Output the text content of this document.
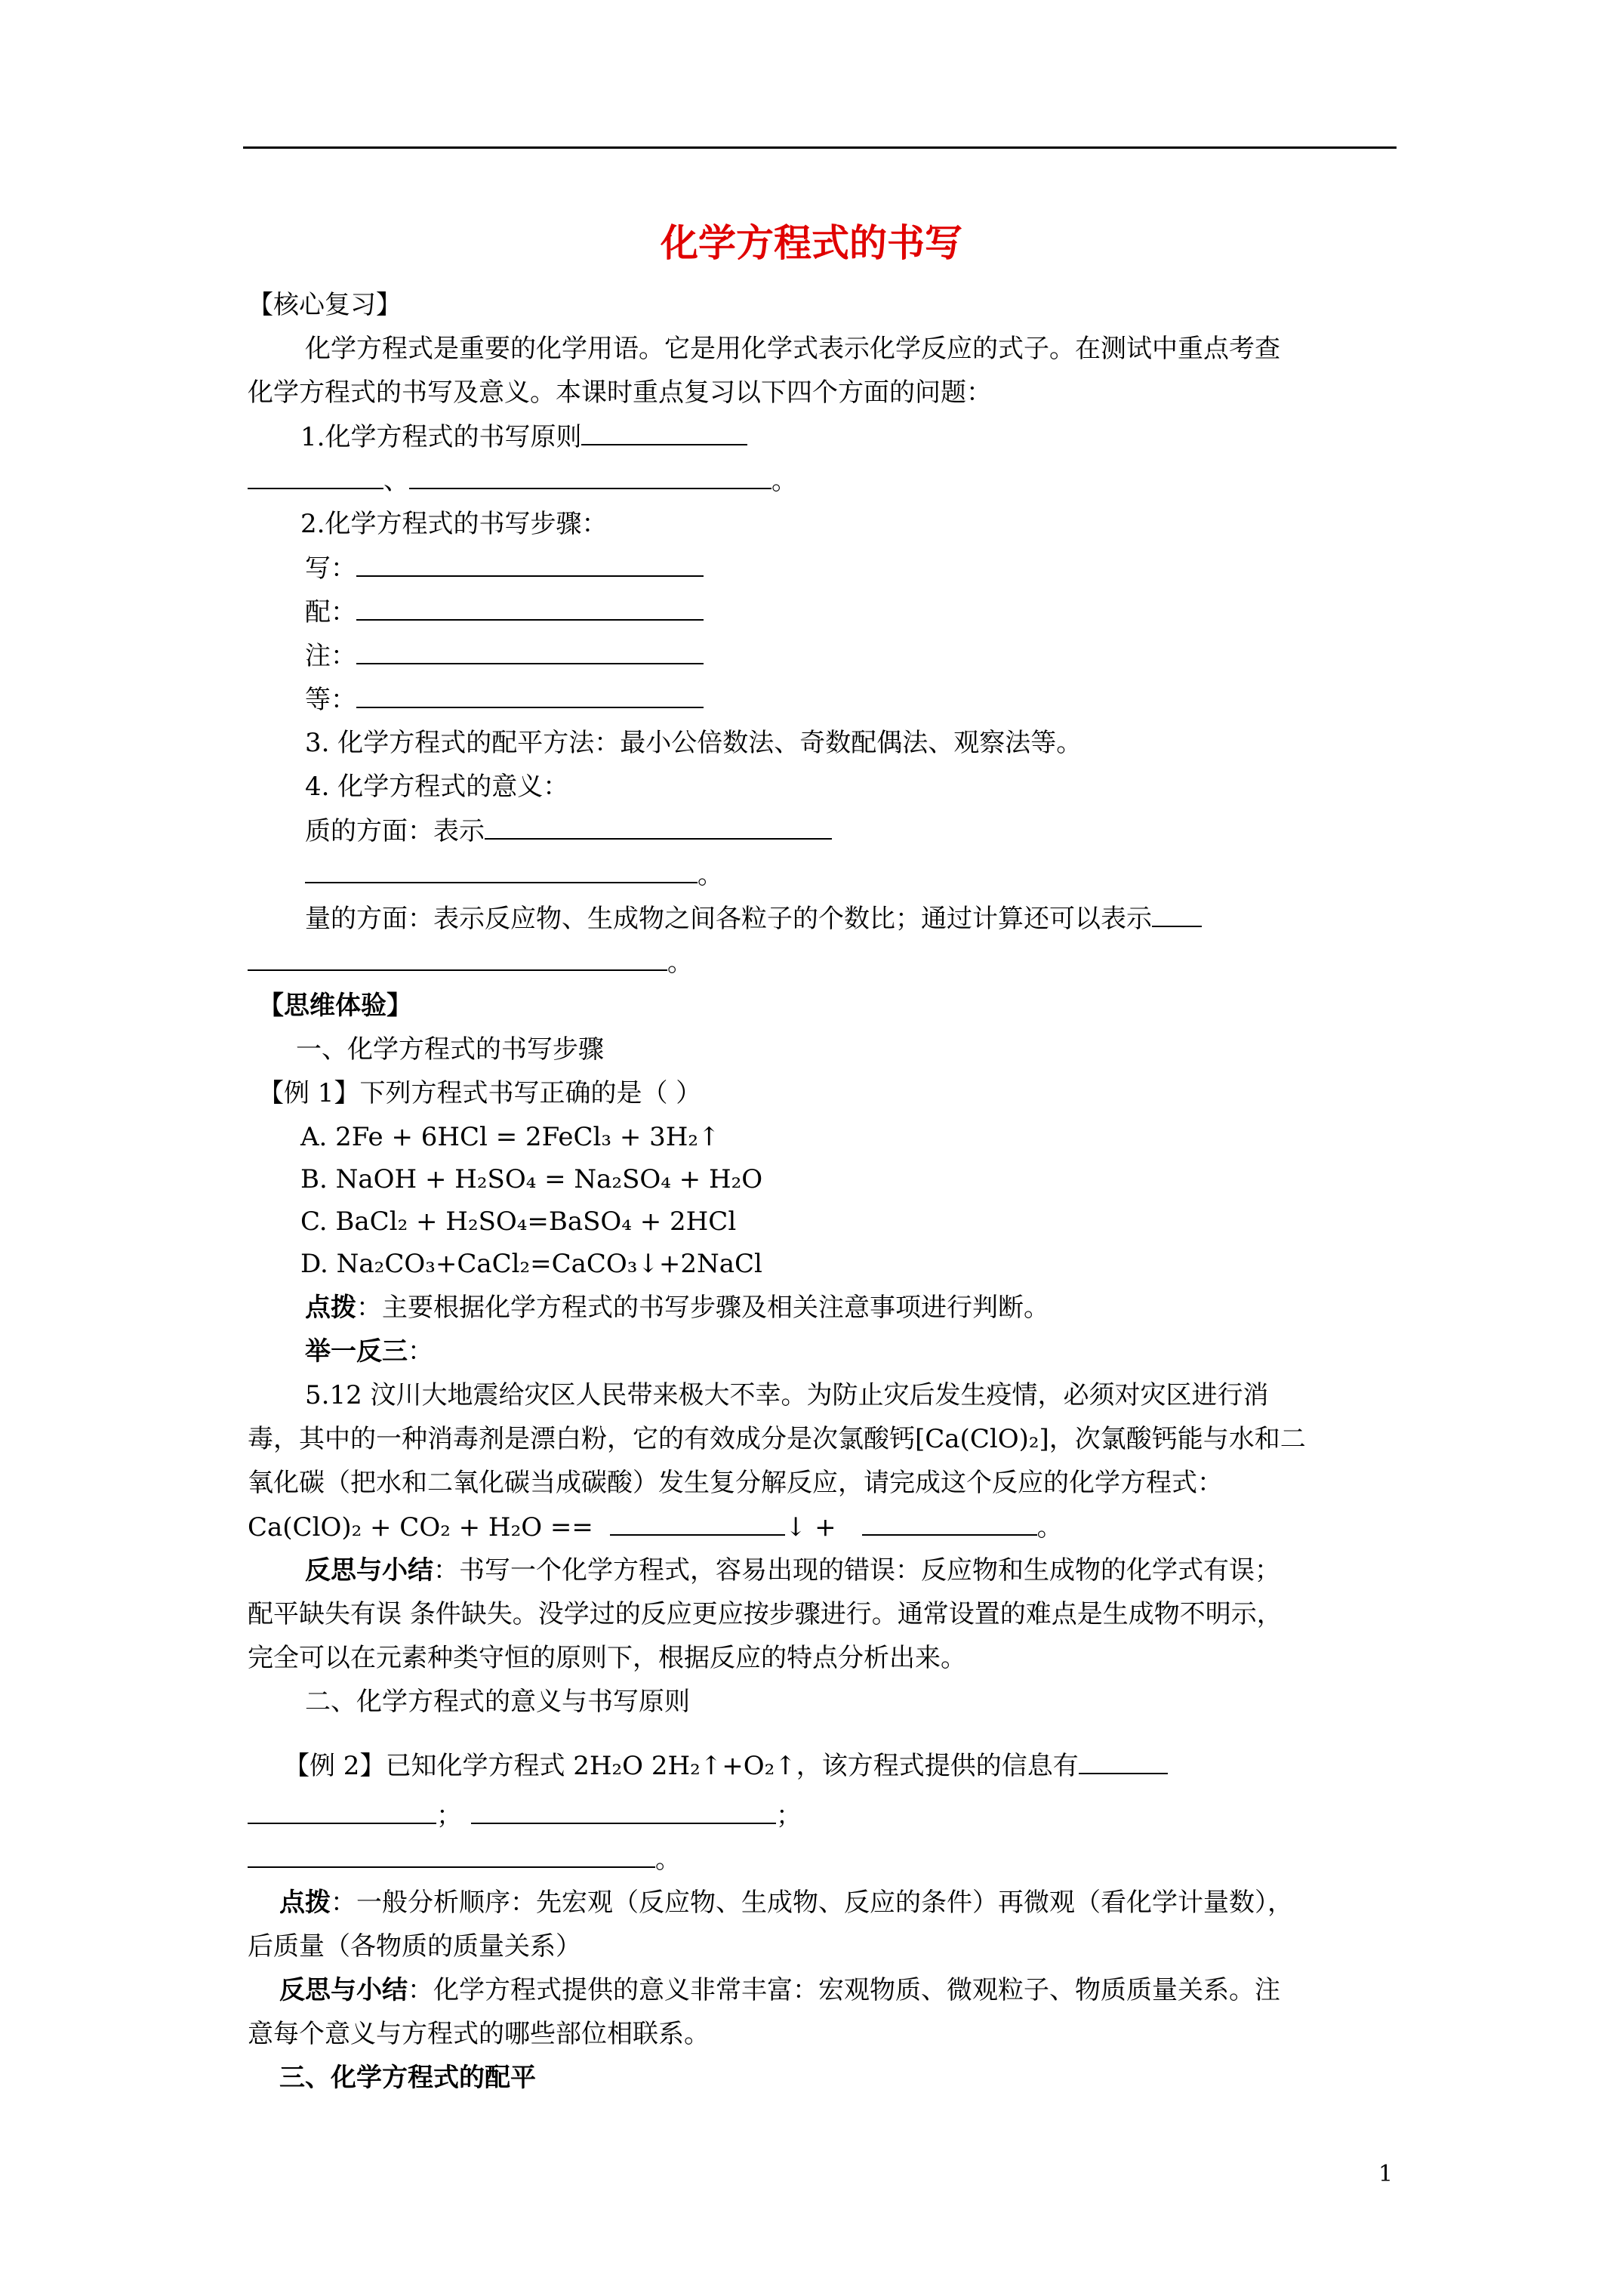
化学方程式的书写
【核心复习】
化学方程式是重要的化学用语。它是用化学式表示化学反应的式子。在测试中重点考查
化学方程式的书写及意义。本课时重点复习以下四个方面的问题：
1.化学方程式的书写原则
、	。
2.化学方程式的书写步骤：
写：
配：
注：
等：
3. 化学方程式的配平方法：最小公倍数法、奇数配偶法、观察法等。
4. 化学方程式的意义：
质的方面：表示
。
量的方面：表示反应物、生成物之间各粒子的个数比；通过计算还可以表示
。
【思维体验】
一、化学方程式的书写步骤
【例 1】下列方程式书写正确的是（ ）
A. 2Fe + 6HCl = 2FeCl₃ + 3H₂↑
B. NaOH + H₂SO₄ = Na₂SO₄ + H₂O
C. BaCl₂ + H₂SO₄=BaSO₄ + 2HCl
D. Na₂CO₃+CaCl₂=CaCO₃↓+2NaCl
点拨：主要根据化学方程式的书写步骤及相关注意事项进行判断。
举一反三：
5.12 汶川大地震给灾区人民带来极大不幸。为防止灾后发生疫情，必须对灾区进行消
毒，其中的一种消毒剂是漂白粉，它的有效成分是次氯酸钙[Ca(ClO)₂]，次氯酸钙能与水和二
氧化碳（把水和二氧化碳当成碳酸）发生复分解反应，请完成这个反应的化学方程式：
Ca(ClO)₂ + CO₂ + H₂O ==	↓ +	。
反思与小结：书写一个化学方程式，容易出现的错误：反应物和生成物的化学式有误；
配平缺失有误 条件缺失。没学过的反应更应按步骤进行。通常设置的难点是生成物不明示，
完全可以在元素种类守恒的原则下，根据反应的特点分析出来。
二、化学方程式的意义与书写原则
【例 2】已知化学方程式 2H₂O 2H₂↑+O₂↑，该方程式提供的信息有
；	；
。
点拨：一般分析顺序：先宏观（反应物、生成物、反应的条件）再微观（看化学计量数），
后质量（各物质的质量关系）
反思与小结：化学方程式提供的意义非常丰富：宏观物质、微观粒子、物质质量关系。注
意每个意义与方程式的哪些部位相联系。
三、化学方程式的配平
1
